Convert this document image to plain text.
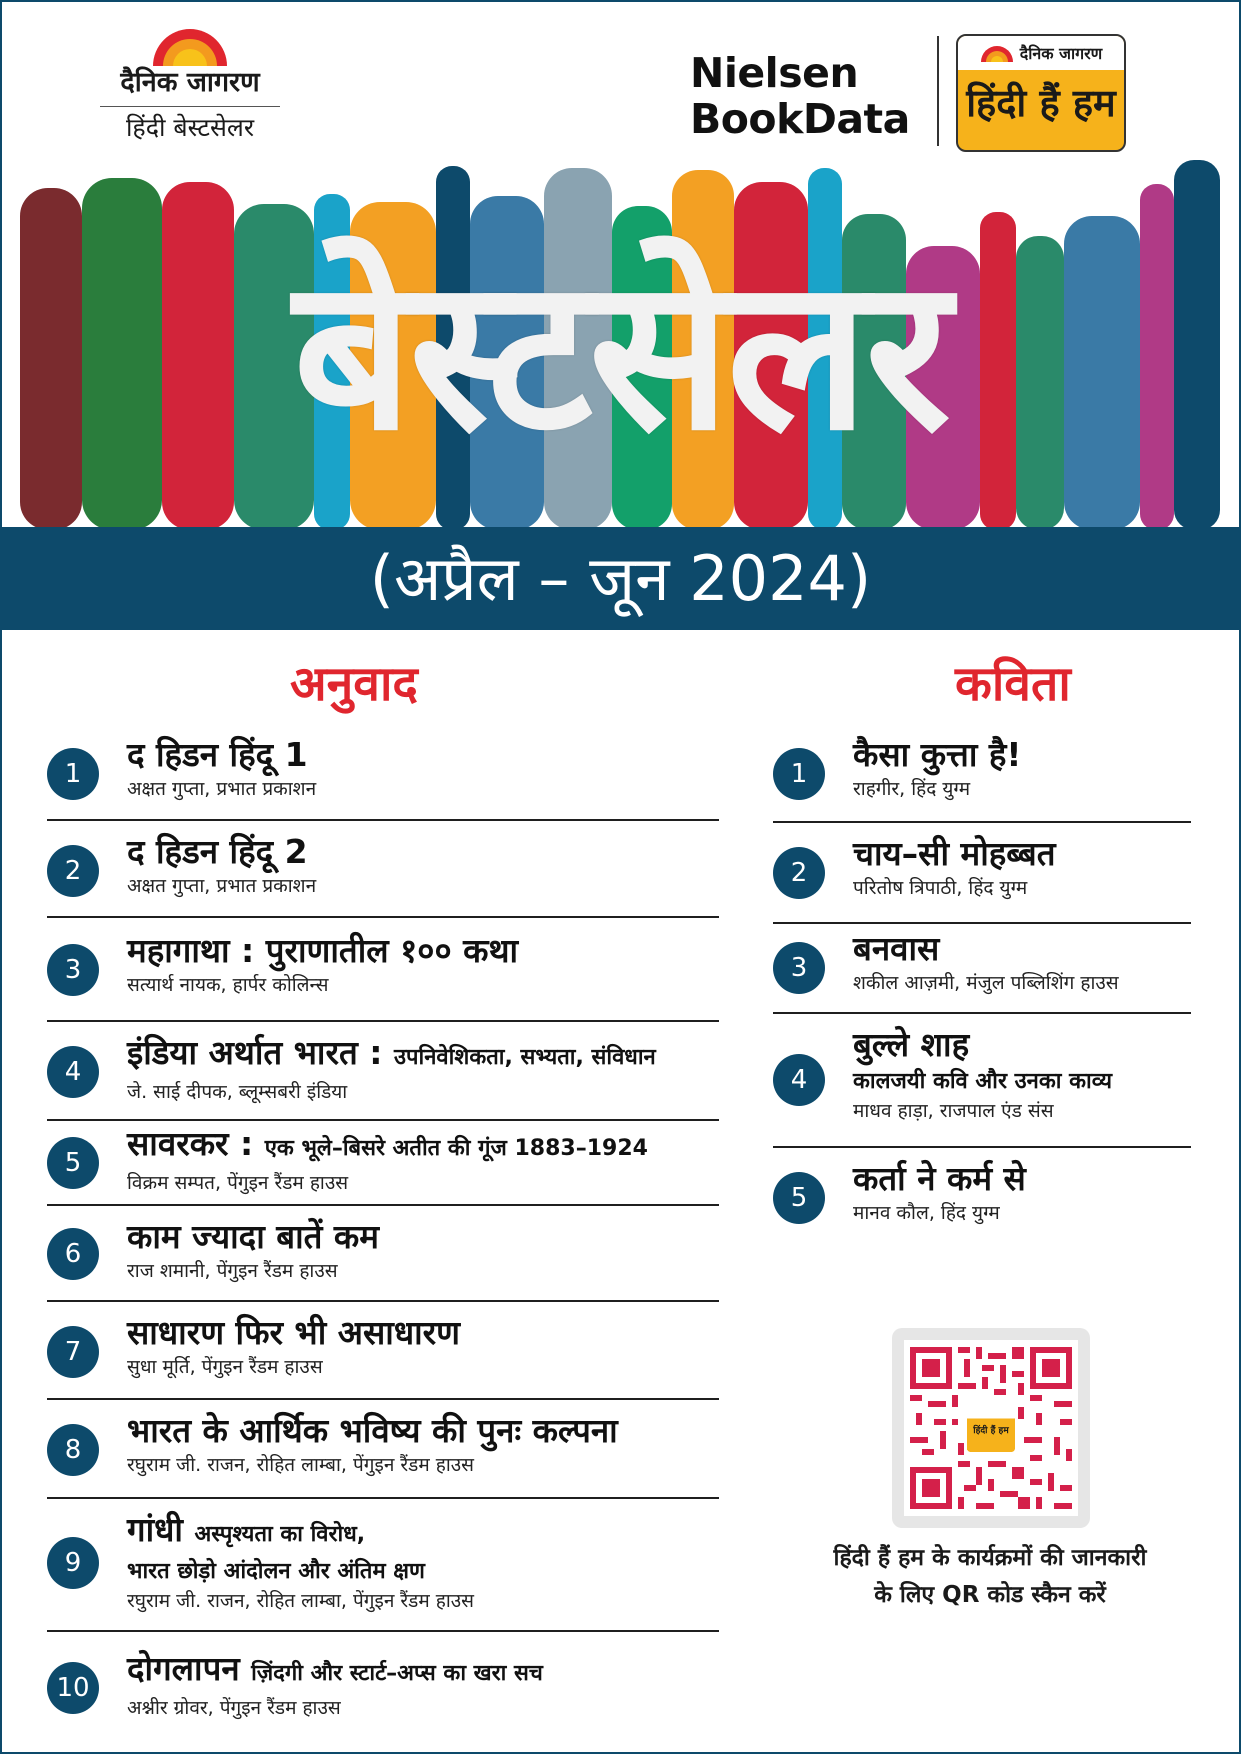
दैनिक जागरण
हिंदी बेस्टसेलर
Nielsen
BookData
दैनिक जागरण
हिंदी हैं हम
बेस्टसेलर
(अप्रैल – जून 2024)
अनुवाद
1	द हिडन हिंदू 1
अक्षत गुप्ता, प्रभात प्रकाशन
2	द हिडन हिंदू 2
अक्षत गुप्ता, प्रभात प्रकाशन
3	महागाथा : पुराणातील १०० कथा
सत्यार्थ नायक, हार्पर कोलिन्स
4	इंडिया अर्थात भारत : उपनिवेशिकता, सभ्यता, संविधान
जे. साई दीपक, ब्लूम्सबरी इंडिया
5	सावरकर : एक भूले–बिसरे अतीत की गूंज 1883–1924
विक्रम सम्पत, पेंगुइन रैंडम हाउस
6	काम ज्यादा बातें कम
राज शमानी, पेंगुइन रैंडम हाउस
7	साधारण फिर भी असाधारण
सुधा मूर्ति, पेंगुइन रैंडम हाउस
8	भारत के आर्थिक भविष्य की पुनः कल्पना
रघुराम जी. राजन, रोहित लाम्बा, पेंगुइन रैंडम हाउस
9
गांधी अस्पृश्यता का विरोध,
भारत छोड़ो आंदोलन और अंतिम क्षण
रघुराम जी. राजन, रोहित लाम्बा, पेंगुइन रैंडम हाउस
10 दोगलापन ज़िंदगी और स्टार्ट–अप्स का खरा सच
अश्नीर ग्रोवर, पेंगुइन रैंडम हाउस
कविता
1	कैसा कुत्ता है!
राहगीर, हिंद युग्म
2	चाय–सी मोहब्बत
परितोष त्रिपाठी, हिंद युग्म
3	बनवास
शकील आज़मी, मंजुल पब्लिशिंग हाउस
4
बुल्ले शाह
कालजयी कवि और उनका काव्य
माधव हाड़ा, राजपाल एंड संस
5	कर्ता ने कर्म से
मानव कौल, हिंद युग्म
हिंदी हैं हम
हिंदी हैं हम के कार्यक्रमों की जानकारी
के लिए QR कोड स्कैन करें
